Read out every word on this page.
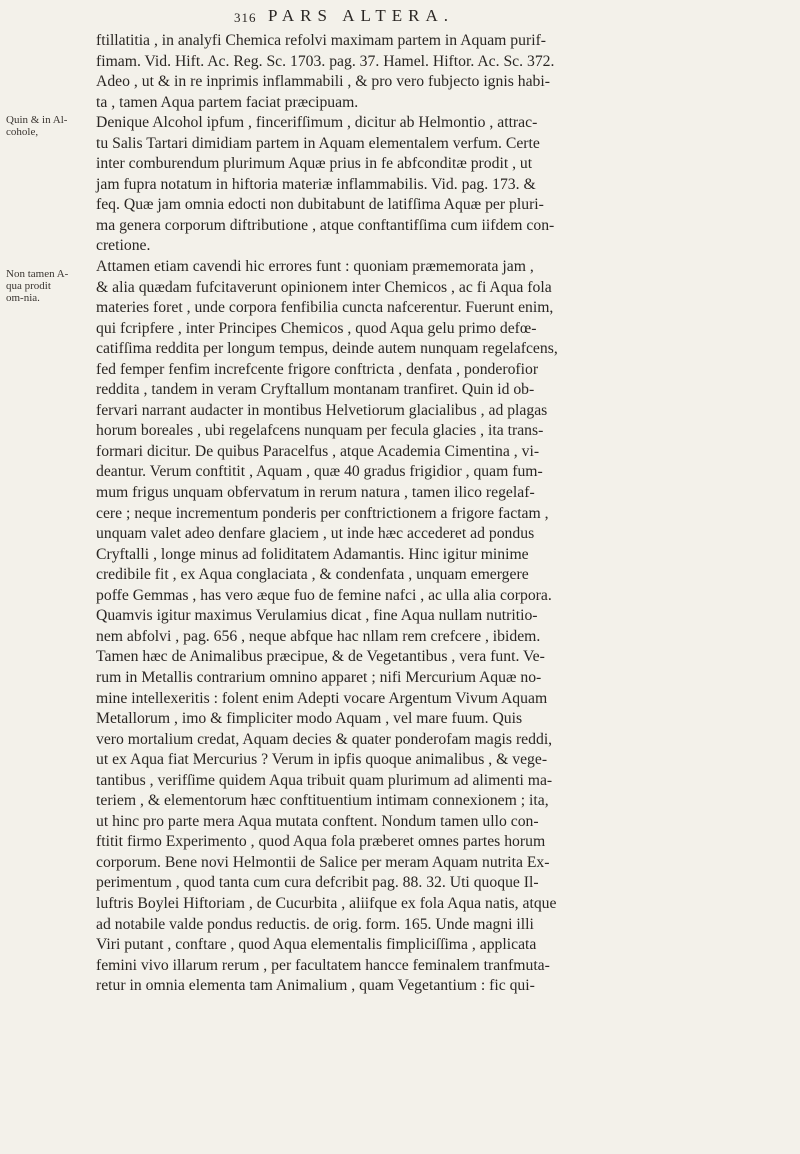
316 PARS ALTERA.
Quin & in Al-cohole,
Non tamen A-qua prodit om-nia.
ftillatitia , in analyfi Chemica refolvi maximam partem in Aquam purif-
fimam. Vid. Hift. Ac. Reg. Sc. 1703. pag. 37. Hamel. Hiftor. Ac. Sc. 372.
Adeo , ut & in re inprimis inflammabili , & pro vero fubjecto ignis habi-
ta , tamen Aqua partem faciat præcipuam.
Denique Alcohol ipfum , fincerifſimum , dicitur ab Helmontio , attrac-
tu Salis Tartari dimidiam partem in Aquam elementalem verfum. Certe
inter comburendum plurimum Aquæ prius in fe abfconditæ prodit , ut
jam fupra notatum in hiftoria materiæ inflammabilis. Vid. pag. 173. &
feq. Quæ jam omnia edocti non dubitabunt de latifſima Aquæ per pluri-
ma genera corporum diftributione , atque conftantifſima cum iifdem con-
cretione.
Attamen etiam cavendi hic errores funt : quoniam præmemorata jam ,
& alia quædam fufcitaverunt opinionem inter Chemicos , ac fi Aqua fola
materies foret , unde corpora fenfibilia cuncta nafcerentur. Fuerunt enim,
qui fcripfere , inter Principes Chemicos , quod Aqua gelu primo defœ-
catifſima reddita per longum tempus, deinde autem nunquam regelafcens,
fed femper fenfim increfcente frigore conftricta , denfata , ponderofior
reddita , tandem in veram Cryftallum montanam tranfiret. Quin id ob-
fervari narrant audacter in montibus Helvetiorum glacialibus , ad plagas
horum boreales , ubi regelafcens nunquam per fecula glacies , ita trans-
formari dicitur. De quibus Paracelfus , atque Academia Cimentina , vi-
deantur. Verum conftitit , Aquam , quæ 40 gradus frigidior , quam fum-
mum frigus unquam obfervatum in rerum natura , tamen ilico regelaf-
cere ; neque incrementum ponderis per conftrictionem a frigore factam ,
unquam valet adeo denfare glaciem , ut inde hæc accederet ad pondus
Cryftalli , longe minus ad foliditatem Adamantis. Hinc igitur minime
credibile fit , ex Aqua conglaciata , & condenfata , unquam emergere
poffe Gemmas , has vero æque fuo de femine nafci , ac ulla alia corpora.
Quamvis igitur maximus Verulamius dicat , fine Aqua nullam nutritio-
nem abfolvi , pag. 656 , neque abfque hac nllam rem crefcere , ibidem.
Tamen hæc de Animalibus præcipue, & de Vegetantibus , vera funt. Ve-
rum in Metallis contrarium omnino apparet ; nifi Mercurium Aquæ no-
mine intellexeritis : folent enim Adepti vocare Argentum Vivum Aquam
Metallorum , imo & fimpliciter modo Aquam , vel mare fuum. Quis
vero mortalium credat, Aquam decies & quater ponderofam magis reddi,
ut ex Aqua fiat Mercurius ? Verum in ipfis quoque animalibus , & vege-
tantibus , verifſime quidem Aqua tribuit quam plurimum ad alimenti ma-
teriem , & elementorum hæc conftituentium intimam connexionem ; ita,
ut hinc pro parte mera Aqua mutata conftent. Nondum tamen ullo con-
ftitit firmo Experimento , quod Aqua fola præberet omnes partes horum
corporum. Bene novi Helmontii de Salice per meram Aquam nutrita Ex-
perimentum , quod tanta cum cura defcribit pag. 88. 32. Uti quoque Il-
luftris Boylei Hiftoriam , de Cucurbita , aliifque ex fola Aqua natis, atque
ad notabile valde pondus reductis. de orig. form. 165. Unde magni illi
Viri putant , conftare , quod Aqua elementalis fimpliciſſima , applicata
femini vivo illarum rerum , per facultatem hancce feminalem tranfmuta-
retur in omnia elementa tam Animalium , quam Vegetantium : fic qui-
